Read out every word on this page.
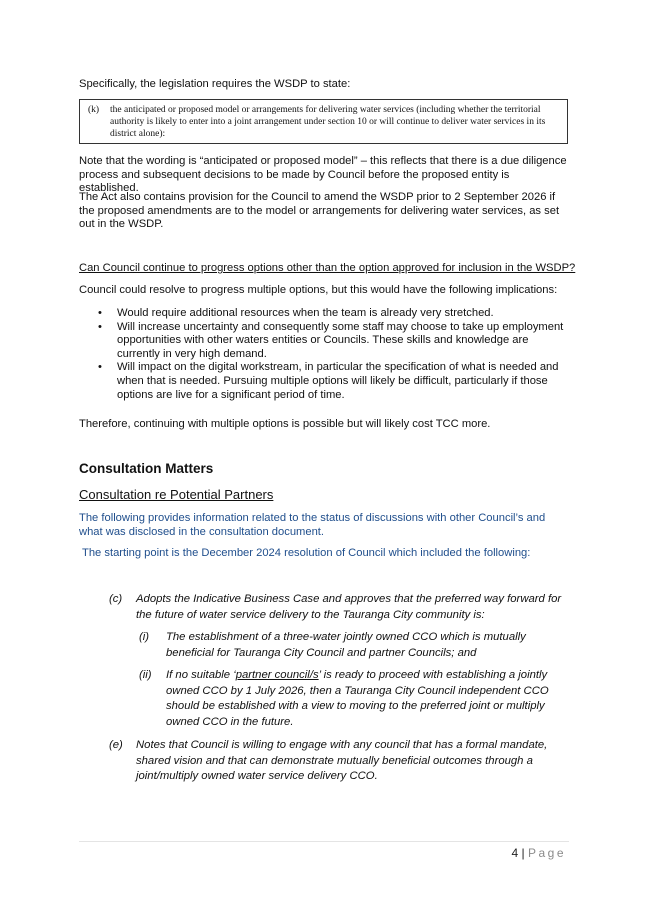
Specifically, the legislation requires the WSDP to state:
(k) the anticipated or proposed model or arrangements for delivering water services (including whether the territorial authority is likely to enter into a joint arrangement under section 10 or will continue to deliver water services in its district alone):
Note that the wording is “anticipated or proposed model” – this reflects that there is a due diligence process and subsequent decisions to be made by Council before the proposed entity is established.
The Act also contains provision for the Council to amend the WSDP prior to 2 September 2026 if the proposed amendments are to the model or arrangements for delivering water services, as set out in the WSDP.
Can Council continue to progress options other than the option approved for inclusion in the WSDP?
Council could resolve to progress multiple options, but this would have the following implications:
• Would require additional resources when the team is already very stretched.
• Will increase uncertainty and consequently some staff may choose to take up employment opportunities with other waters entities or Councils. These skills and knowledge are currently in very high demand.
• Will impact on the digital workstream, in particular the specification of what is needed and when that is needed. Pursuing multiple options will likely be difficult, particularly if those options are live for a significant period of time.
Therefore, continuing with multiple options is possible but will likely cost TCC more.
Consultation Matters
Consultation re Potential Partners
The following provides information related to the status of discussions with other Council’s and what was disclosed in the consultation document.
The starting point is the December 2024 resolution of Council which included the following:
(c) Adopts the Indicative Business Case and approves that the preferred way forward for the future of water service delivery to the Tauranga City community is:
(i) The establishment of a three-water jointly owned CCO which is mutually beneficial for Tauranga City Council and partner Councils; and
(ii) If no suitable ‘partner council/s’ is ready to proceed with establishing a jointly owned CCO by 1 July 2026, then a Tauranga City Council independent CCO should be established with a view to moving to the preferred joint or multiply owned CCO in the future.
(e) Notes that Council is willing to engage with any council that has a formal mandate, shared vision and that can demonstrate mutually beneficial outcomes through a joint/multiply owned water service delivery CCO.
4 | Page
